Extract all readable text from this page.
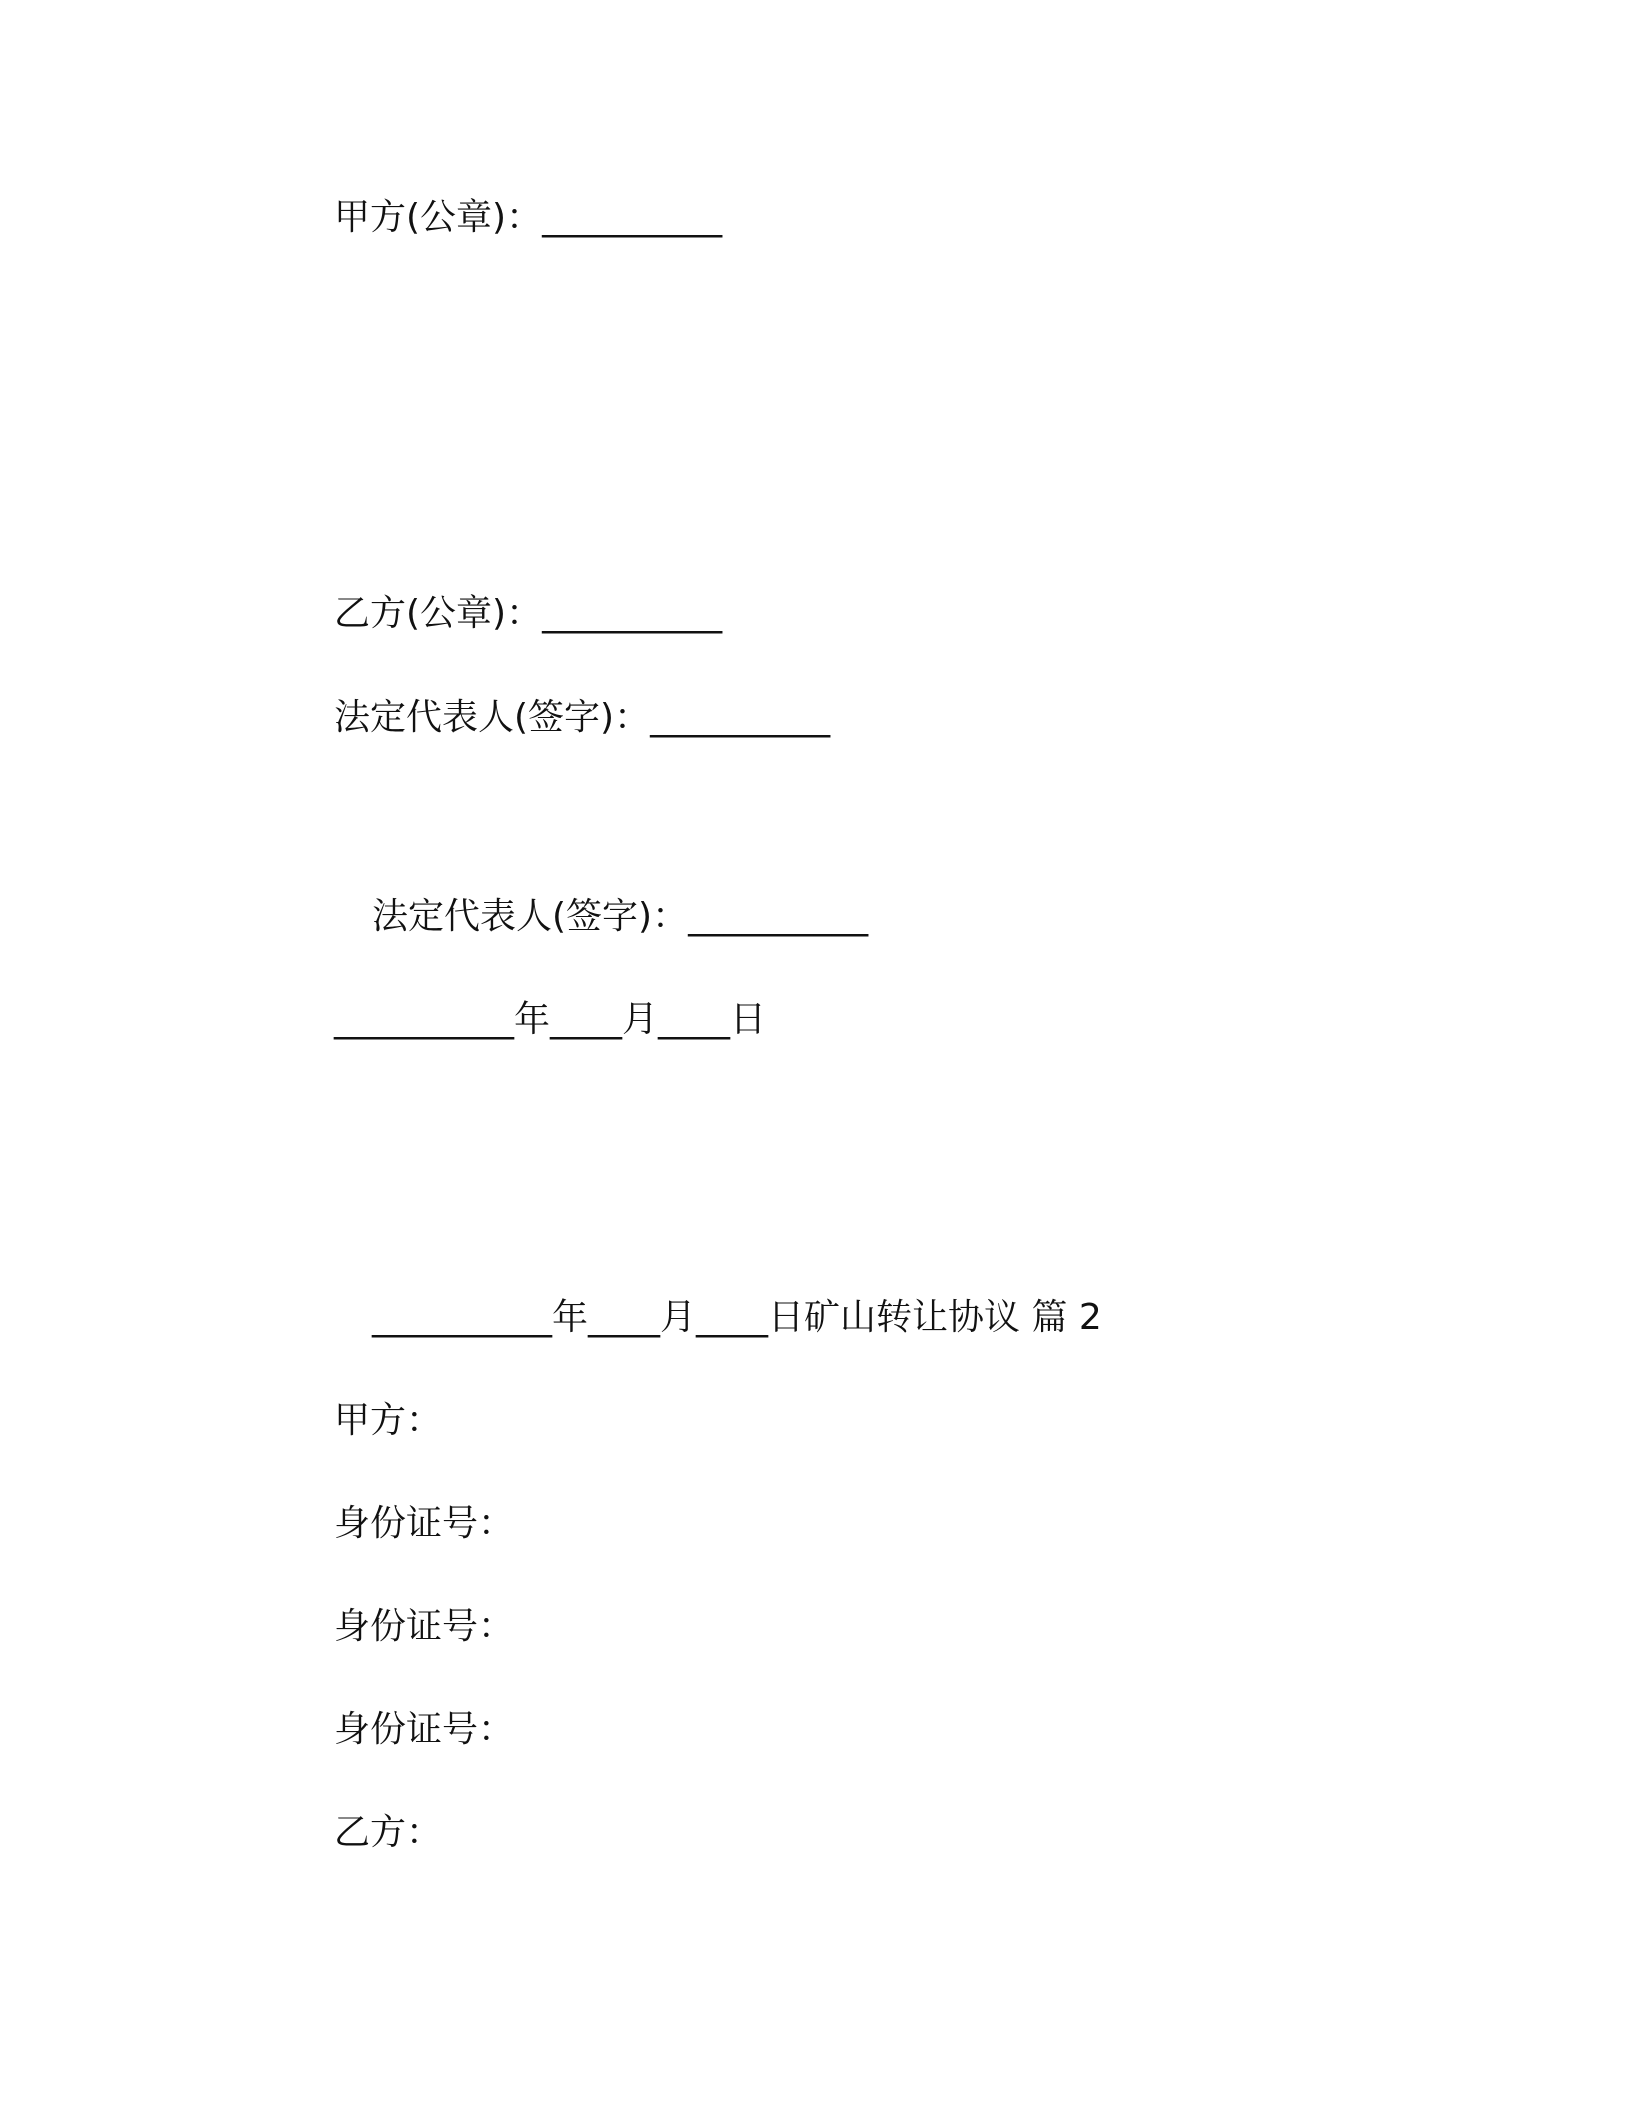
甲方(公章)：__________
乙方(公章)：__________
法定代表人(签字)：__________
法定代表人(签字)：__________
__________年____月____日
__________年____月____日矿山转让协议 篇 2
甲方：
身份证号：
身份证号：
身份证号：
乙方：
